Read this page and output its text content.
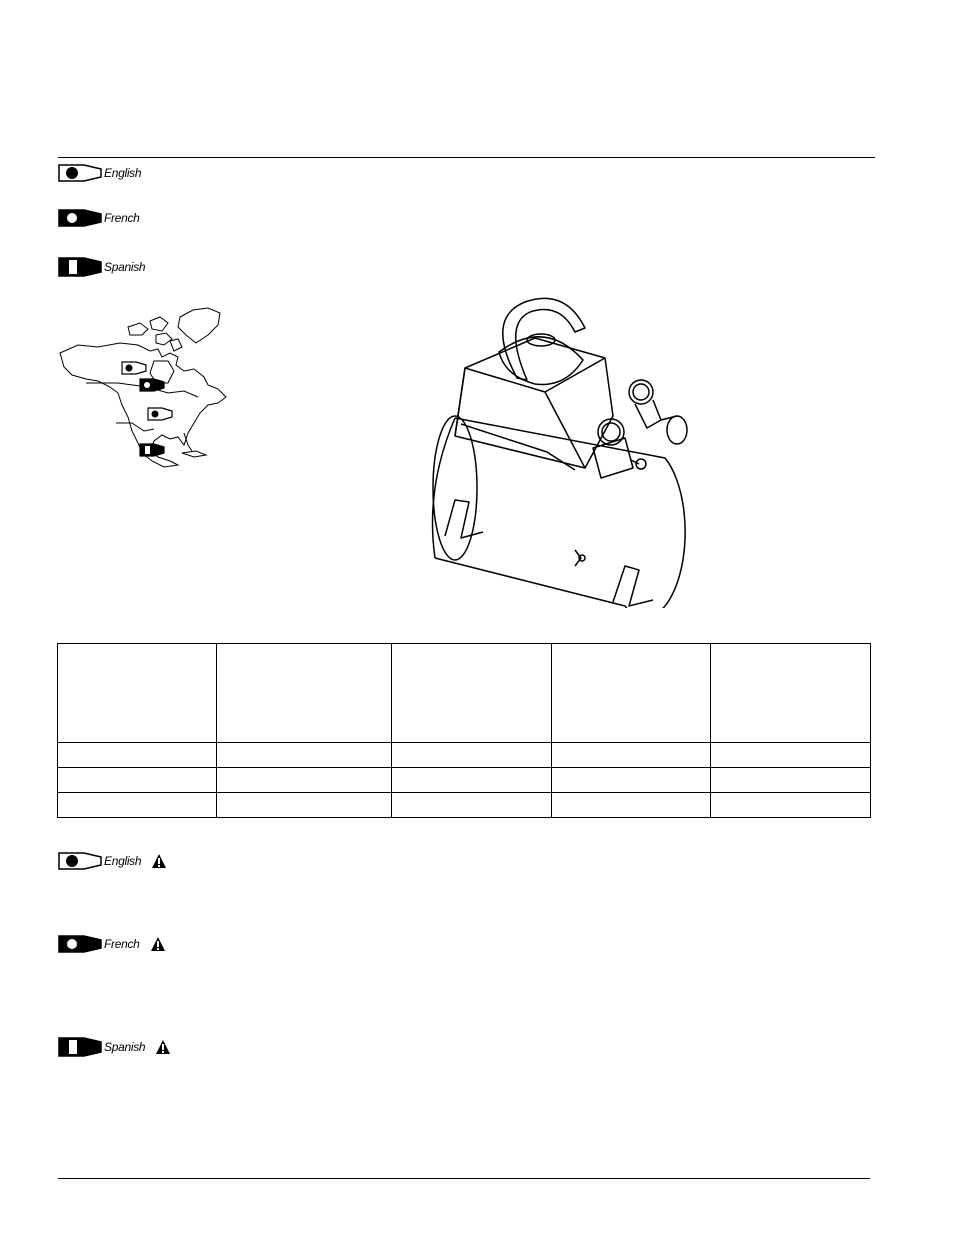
English
French
Spanish

English
French
Spanish
